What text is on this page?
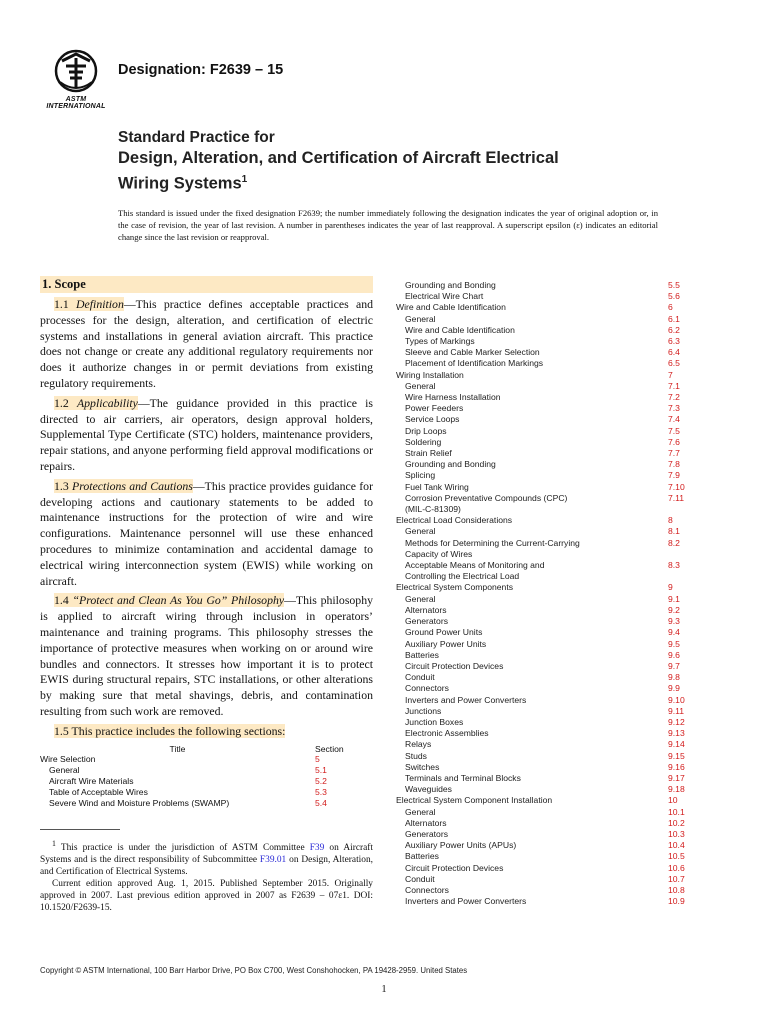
ASTM INTERNATIONAL
Designation: F2639 – 15
Standard Practice for
Design, Alteration, and Certification of Aircraft Electrical
Wiring Systems$^1$
This standard is issued under the fixed designation F2639; the number immediately following the designation indicates the year of original adoption or, in the case of revision, the year of last revision. A number in parentheses indicates the year of last reapproval. A superscript epsilon (ε) indicates an editorial change since the last revision or reapproval.
1. Scope

1.1 Definition—This practice defines acceptable practices and processes for the design, alteration, and certification of electric systems and installations in general aviation aircraft. This practice does not change or create any additional regulatory requirements nor does it authorize changes in or permit deviations from existing regulatory requirements.

1.2 Applicability—The guidance provided in this practice is directed to air carriers, air operators, design approval holders, Supplemental Type Certificate (STC) holders, maintenance providers, repair stations, and anyone performing field approval modifications or repairs.

1.3 Protections and Cautions—This practice provides guidance for developing actions and cautionary statements to be added to maintenance instructions for the protection of wire and wire configurations. Maintenance personnel will use these enhanced procedures to minimize contamination and accidental damage to electrical wiring interconnection system (EWIS) while working on aircraft.

1.4 “Protect and Clean As You Go” Philosophy—This philosophy is applied to aircraft wiring through inclusion in operators’ maintenance and training programs. This philosophy stresses the importance of protective measures when working on or around wire bundles and connectors. It stresses how important it is to protect EWIS during structural repairs, STC installations, or other alterations by making sure that metal shavings, debris, and contamination resulting from such work are removed.

1.5 This practice includes the following sections:

Title	Section
Wire Selection	5
General	5.1
Aircraft Wire Materials	5.2
Table of Acceptable Wires	5.3
Severe Wind and Moisture Problems (SWAMP)	5.4

$^1$ This practice is under the jurisdiction of ASTM Committee F39 on Aircraft Systems and is the direct responsibility of Subcommittee F39.01 on Design, Alteration, and Certification of Electrical Systems.

Current edition approved Aug. 1, 2015. Published September 2015. Originally approved in 2007. Last previous edition approved in 2007 as F2639 – 07ε1. DOI: 10.1520/F2639-15.

Grounding and Bonding	5.5
Electrical Wire Chart	5.6
Wire and Cable Identification	6
General	6.1
Wire and Cable Identification	6.2
Types of Markings	6.3
Sleeve and Cable Marker Selection	6.4
Placement of Identification Markings	6.5
Wiring Installation	7
General	7.1
Wire Harness Installation	7.2
Power Feeders	7.3
Service Loops	7.4
Drip Loops	7.5
Soldering	7.6
Strain Relief	7.7
Grounding and Bonding	7.8
Splicing	7.9
Fuel Tank Wiring	7.10
Corrosion Preventative Compounds (CPC)	7.11
(MIL-C-81309)	
Electrical Load Considerations	8
General	8.1
Methods for Determining the Current-Carrying	8.2
Capacity of Wires	
Acceptable Means of Monitoring and	8.3
Controlling the Electrical Load	
Electrical System Components	9
General	9.1
Alternators	9.2
Generators	9.3
Ground Power Units	9.4
Auxiliary Power Units	9.5
Batteries	9.6
Circuit Protection Devices	9.7
Conduit	9.8
Connectors	9.9
Inverters and Power Converters	9.10
Junctions	9.11
Junction Boxes	9.12
Electronic Assemblies	9.13
Relays	9.14
Studs	9.15
Switches	9.16
Terminals and Terminal Blocks	9.17
Waveguides	9.18
Electrical System Component Installation	10
General	10.1
Alternators	10.2
Generators	10.3
Auxiliary Power Units (APUs)	10.4
Batteries	10.5
Circuit Protection Devices	10.6
Conduit	10.7
Connectors	10.8
Inverters and Power Converters	10.9
Copyright © ASTM International, 100 Barr Harbor Drive, PO Box C700, West Conshohocken, PA 19428-2959. United States
1
